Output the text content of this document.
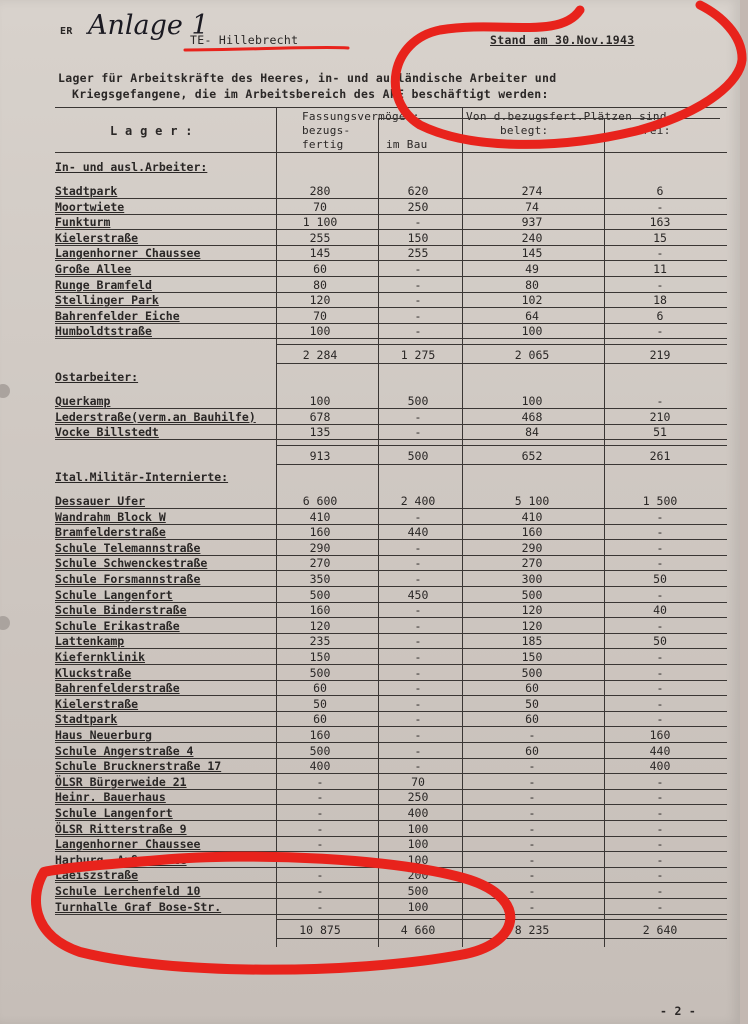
ER Anlage 1
TE- Hillebrecht	Stand am 30.Nov.1943
Lager für Arbeitskräfte des Heeres, in- und ausländische Arbeiter und
Kriegsgefangene, die im Arbeitsbereich des AkE beschäftigt werden:
L a g e r :
Fassungsvermögen:
bezugs-
fertig	im Bau
Von d.bezugsfert.Plätzen sind
belegt:	frei:
In- und ausl.Arbeiter:
Stadtpark	280	620	274	6
Moortwiete	70	250	74	-
Funkturm	1 100	-	937	163
Kielerstraße	255	150	240	15
Langenhorner Chaussee	145	255	145	-
Große Allee	60	-	49	11
Runge Bramfeld	80	-	80	-
Stellinger Park	120	-	102	18
Bahrenfelder Eiche	70	-	64	6
Humboldtstraße	100	-	100	-
2 284	1 275	2 065	219
Ostarbeiter:
Querkamp	100	500	100	-
Lederstraße(verm.an Bauhilfe)	678	-	468	210
Vocke Billstedt	135	-	84	51
913	500	652	261
Ital.Militär-Internierte:
Dessauer Ufer	6 600	2 400	5 100	1 500
Wandrahm Block W	410	-	410	-
Bramfelderstraße	160	440	160	-
Schule Telemannstraße	290	-	290	-
Schule Schwenckestraße	270	-	270	-
Schule Forsmannstraße	350	-	300	50
Schule Langenfort	500	450	500	-
Schule Binderstraße	160	-	120	40
Schule Erikastraße	120	-	120	-
Lattenkamp	235	-	185	50
Kiefernklinik	150	-	150	-
Kluckstraße	500	-	500	-
Bahrenfelderstraße	60	-	60	-
Kielerstraße	50	-	50	-
Stadtpark	60	-	60	-
Haus Neuerburg	160	-	-	160
Schule Angerstraße 4	500	-	60	440
Schule Brucknerstraße 17	400	-	-	400
ÖLSR Bürgerweide 21	-	70	-	-
Heinr. Bauerhaus	-	250	-	-
Schule Langenfort	-	400	-	-
ÖLSR Ritterstraße 9	-	100	-	-
Langenhorner Chaussee	-	100	-	-
Harburg, Außenmühle	-	100	-	-
Laeiszstraße	-	200	-	-
Schule Lerchenfeld 10	-	500	-	-
Turnhalle Graf Bose-Str.	-	100	-	-
10 875	4 660	8 235	2 640
- 2 -
